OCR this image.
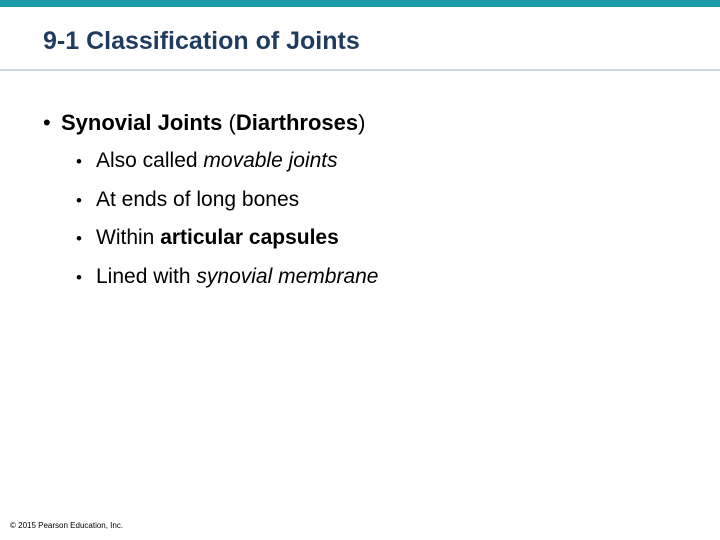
9-1 Classification of Joints
• Synovial Joints (Diarthroses)
• Also called movable joints
• At ends of long bones
• Within articular capsules
• Lined with synovial membrane
© 2015 Pearson Education, Inc.
